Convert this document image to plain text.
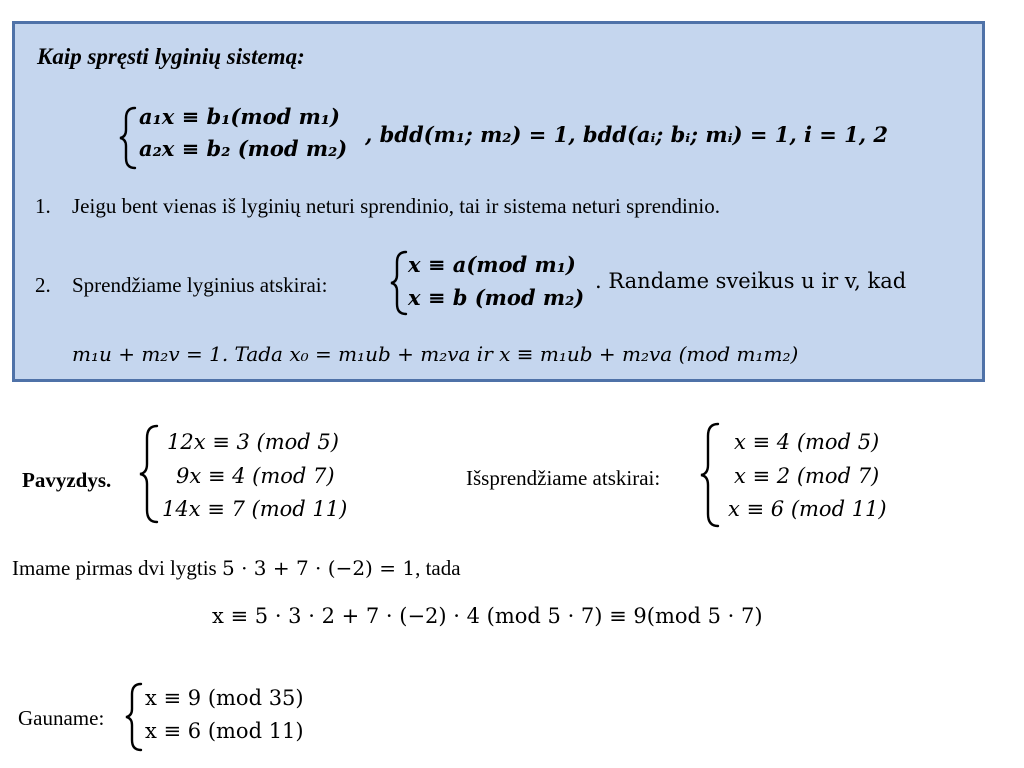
Kaip spręsti lyginių sistemą:
a₁x ≡ b₁(mod m₁)
a₂x ≡ b₂ (mod m₂)
, bdd(m₁; m₂) = 1, bdd(aᵢ; bᵢ; mᵢ) = 1, i = 1, 2
1. Jeigu bent vienas iš lyginių neturi sprendinio, tai ir sistema neturi sprendinio.
2. Sprendžiame lyginius atskirai:
x ≡ a(mod m₁)
x ≡ b (mod m₂)
. Randame sveikus u ir v, kad
m₁u + m₂v = 1. Tada x₀ = m₁ub + m₂va ir x ≡ m₁ub + m₂va (mod m₁m₂)
Pavyzdys.
12x ≡ 3 (mod 5)
9x ≡ 4 (mod 7)
14x ≡ 7 (mod 11)
Išsprendžiame atskirai:
x ≡ 4 (mod 5)
x ≡ 2 (mod 7)
x ≡ 6 (mod 11)
Imame pirmas dvi lygtis 5 · 3 + 7 · (−2) = 1, tada
x ≡ 5 · 3 · 2 + 7 · (−2) · 4 (mod 5 · 7) ≡ 9(mod 5 · 7)
Gauname:
x ≡ 9 (mod 35)
x ≡ 6 (mod 11)
